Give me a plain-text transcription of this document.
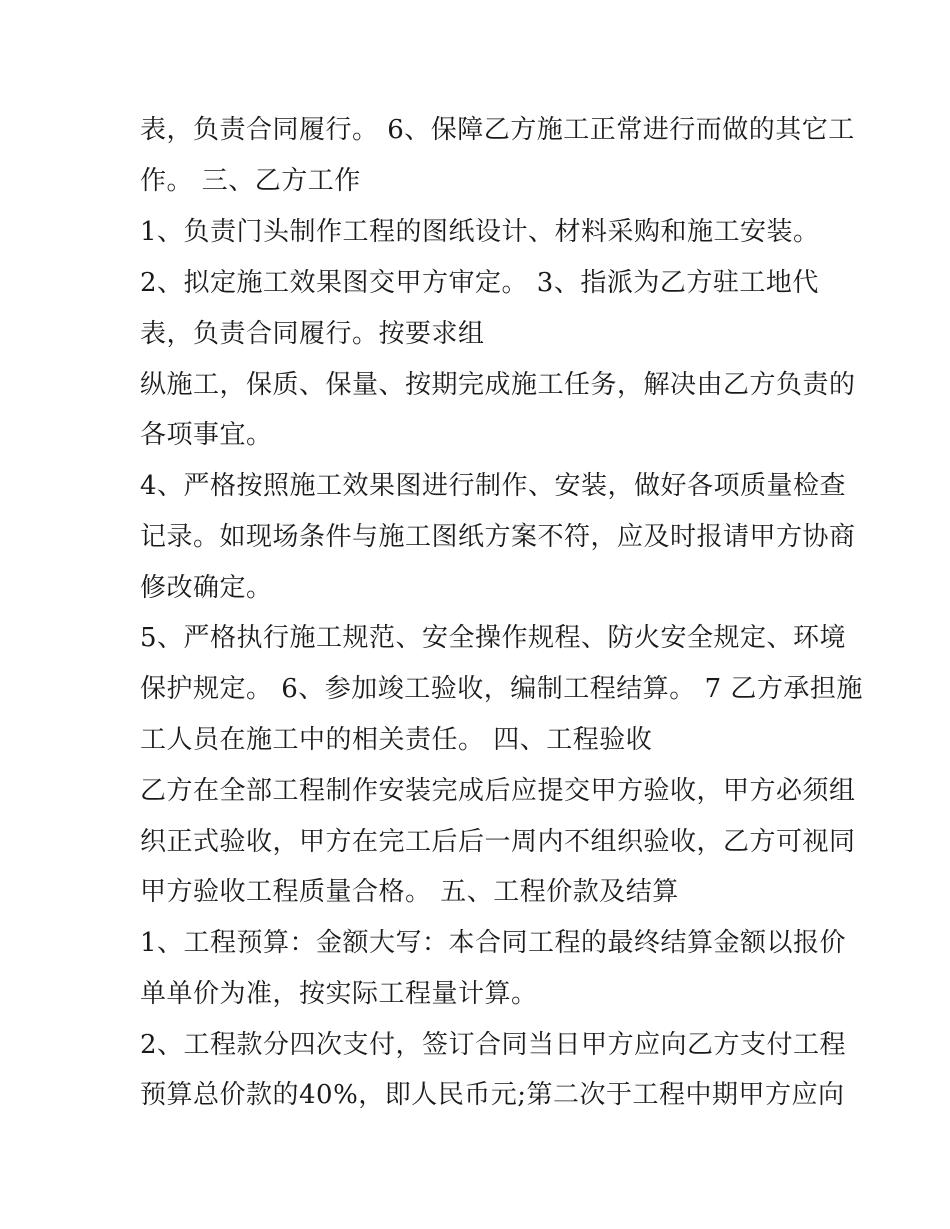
表，负责合同履行。 6、保障乙方施工正常进行而做的其它工
作。 三、乙方工作
1、负责门头制作工程的图纸设计、材料采购和施工安装。
2、拟定施工效果图交甲方审定。 3、指派为乙方驻工地代
表，负责合同履行。按要求组
纵施工，保质、保量、按期完成施工任务，解决由乙方负责的
各项事宜。
4、严格按照施工效果图进行制作、安装，做好各项质量检查
记录。如现场条件与施工图纸方案不符，应及时报请甲方协商
修改确定。
5、严格执行施工规范、安全操作规程、防火安全规定、环境
保护规定。 6、参加竣工验收，编制工程结算。 7 乙方承担施
工人员在施工中的相关责任。 四、工程验收
乙方在全部工程制作安装完成后应提交甲方验收，甲方必须组
织正式验收，甲方在完工后后一周内不组织验收，乙方可视同
甲方验收工程质量合格。 五、工程价款及结算
1、工程预算：金额大写：本合同工程的最终结算金额以报价
单单价为准，按实际工程量计算。
2、工程款分四次支付，签订合同当日甲方应向乙方支付工程
预算总价款的40%，即人民币元;第二次于工程中期甲方应向
